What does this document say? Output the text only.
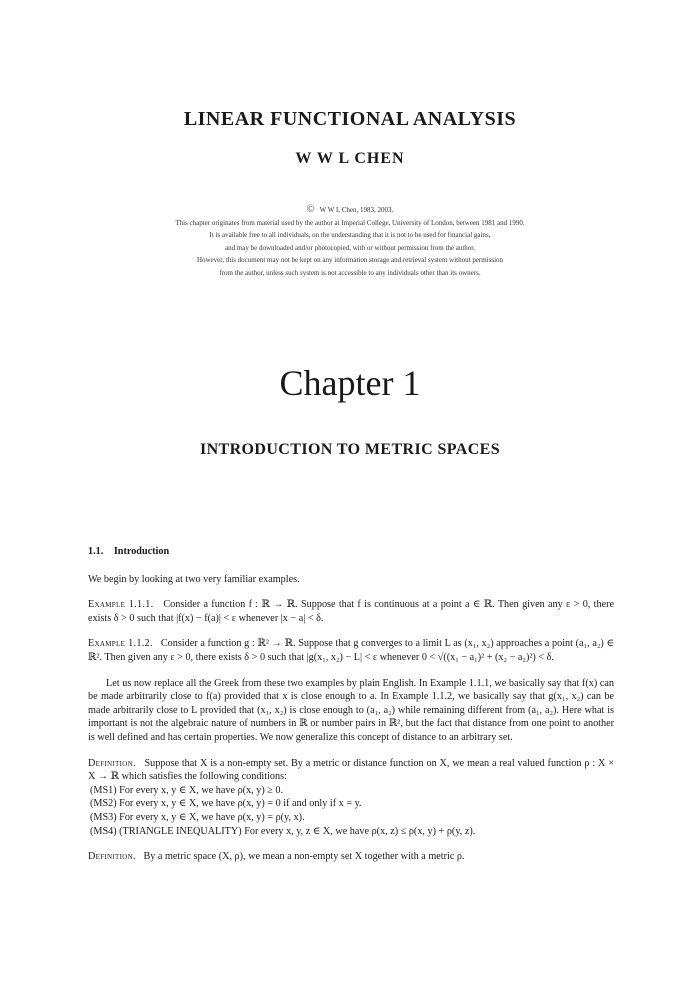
LINEAR FUNCTIONAL ANALYSIS
W W L CHEN
© W W L Chen, 1983, 2003.
This chapter originates from material used by the author at Imperial College, University of London, between 1981 and 1990.
It is available free to all individuals, on the understanding that it is not to be used for financial gains,
and may be downloaded and/or photocopied, with or without permission from the author.
However, this document may not be kept on any information storage and retrieval system without permission
from the author, unless such system is not accessible to any individuals other than its owners.
Chapter 1
INTRODUCTION TO METRIC SPACES
1.1. Introduction

We begin by looking at two very familiar examples.

Example 1.1.1. Consider a function f : ℝ → ℝ. Suppose that f is continuous at a point a ∈ ℝ. Then given any ε > 0, there exists δ > 0 such that |f(x) − f(a)| < ε whenever |x − a| < δ.

Example 1.1.2. Consider a function g : ℝ² → ℝ. Suppose that g converges to a limit L as (x₁, x₂) approaches a point (a₁, a₂) ∈ ℝ². Then given any ε > 0, there exists δ > 0 such that |g(x₁, x₂) − L| < ε whenever 0 < √((x₁ − a₁)² + (x₂ − a₂)²) < δ.

Let us now replace all the Greek from these two examples by plain English. In Example 1.1.1, we basically say that f(x) can be made arbitrarily close to f(a) provided that x is close enough to a. In Example 1.1.2, we basically say that g(x₁, x₂) can be made arbitrarily close to L provided that (x₁, x₂) is close enough to (a₁, a₂) while remaining different from (a₁, a₂). Here what is important is not the algebraic nature of numbers in ℝ or number pairs in ℝ², but the fact that distance from one point to another is well defined and has certain properties. We now generalize this concept of distance to an arbitrary set.

Definition. Suppose that X is a non-empty set. By a metric or distance function on X, we mean a real valued function ρ : X × X → ℝ which satisfies the following conditions:

(MS1) For every x, y ∈ X, we have ρ(x, y) ≥ 0.
(MS2) For every x, y ∈ X, we have ρ(x, y) = 0 if and only if x = y.
(MS3) For every x, y ∈ X, we have ρ(x, y) = ρ(y, x).
(MS4) (TRIANGLE INEQUALITY) For every x, y, z ∈ X, we have ρ(x, z) ≤ ρ(x, y) + ρ(y, z).

Definition. By a metric space (X, ρ), we mean a non-empty set X together with a metric ρ.
